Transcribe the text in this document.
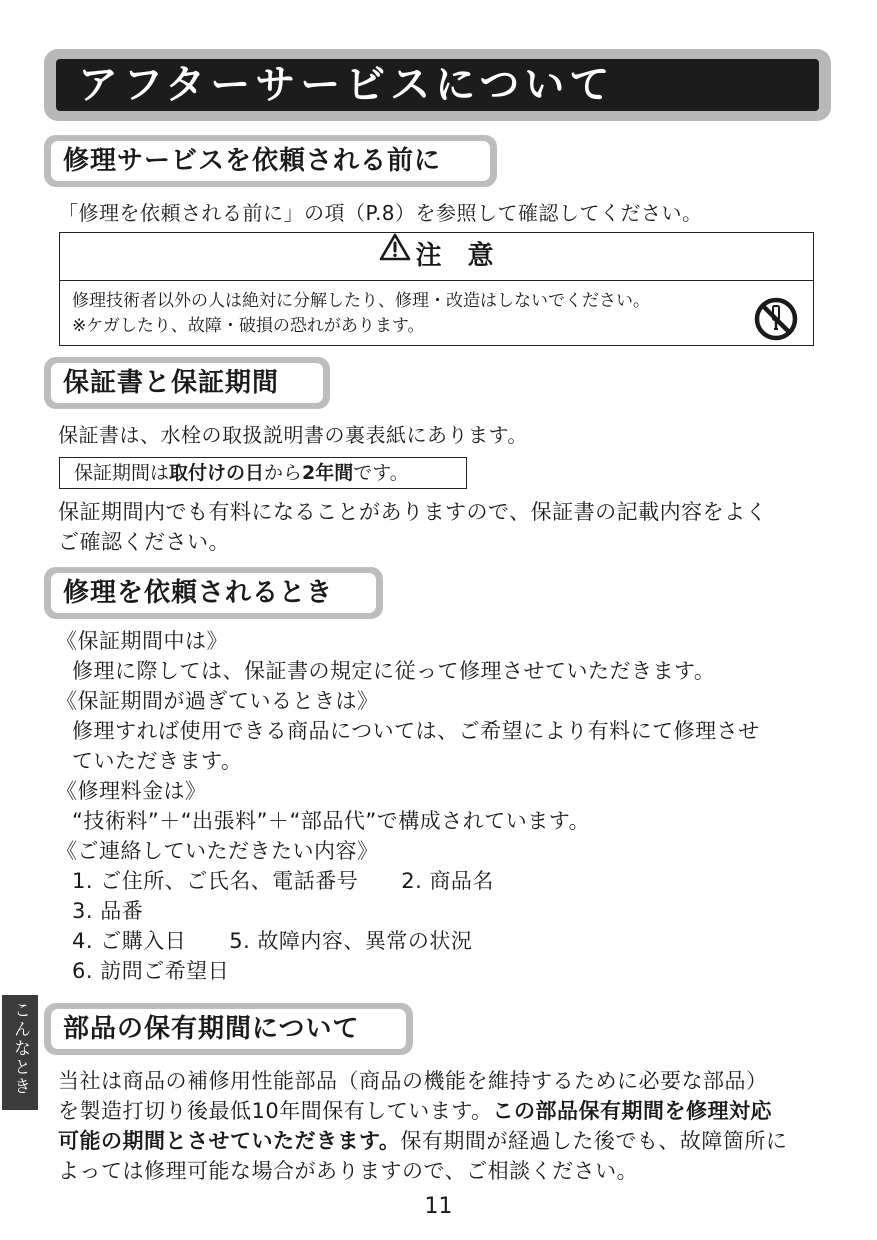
アフターサービスについて
修理サービスを依頼される前に
「修理を依頼される前に」の項（P.8）を参照して確認してください。
注　意
修理技術者以外の人は絶対に分解したり、修理・改造はしないでください。
※ケガしたり、故障・破損の恐れがあります。
保証書と保証期間
保証書は、水栓の取扱説明書の裏表紙にあります。
保証期間は取付けの日から2年間です。
保証期間内でも有料になることがありますので、保証書の記載内容をよく
ご確認ください。
修理を依頼されるとき
《保証期間中は》
修理に際しては、保証書の規定に従って修理させていただきます。
《保証期間が過ぎているときは》
修理すれば使用できる商品については、ご希望により有料にて修理させ
ていただきます。
《修理料金は》
“技術料”＋“出張料”＋“部品代”で構成されています。
《ご連絡していただきたい内容》
1. ご住所、ご氏名、電話番号　　2. 商品名
3. 品番
4. ご購入日　　5. 故障内容、異常の状況
6. 訪問ご希望日
部品の保有期間について
当社は商品の補修用性能部品（商品の機能を維持するために必要な部品）
を製造打切り後最低10年間保有しています。この部品保有期間を修理対応
可能の期間とさせていただきます。保有期間が経過した後でも、故障箇所に
よっては修理可能な場合がありますので、ご相談ください。
こんなとき
11
